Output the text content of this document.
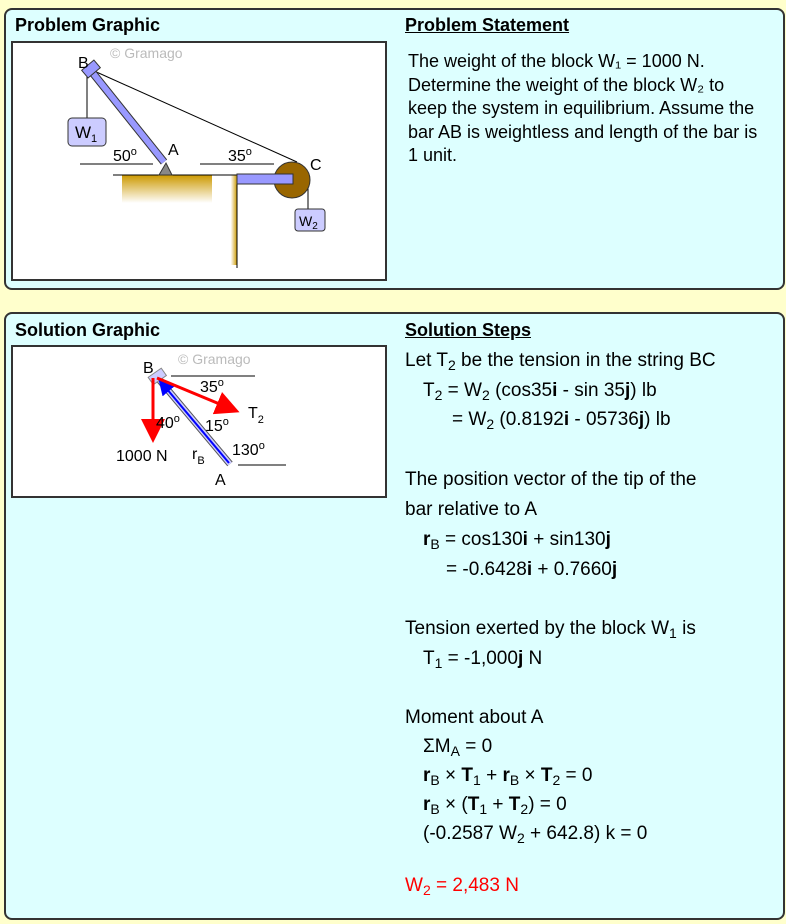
Problem Graphic	Problem Statement
© Gramago
$W_1$
$W_2$
B
A
C
50$^o$	35$^o$
The weight of the block W₁ = 1000 N. Determine the weight of the block W₂ to keep the system in equilibrium. Assume the bar AB is weightless and length of the bar is 1 unit.
Solution Graphic	Solution Steps
© Gramago
B
A
35$^o$
40$^o$ 15$^o$
130$^o$
$T_2$
1000 N $r_B$
Let $T_2$ be the tension in the string BC
$T_2 = W_2$ (cos35i - sin 35j) lb
= $W_2$ (0.8192i - 05736j) lb
The position vector of the tip of the
bar relative to A
$r_B = \cos 130i + \sin 130j$
= -0.6428i + 0.7660j
Tension exerted by the block $W_1$ is
$T_1 = -1,000j$ N
Moment about A
$\Sigma M_A = 0$
$r_B \times T_1 + r_B \times T_2 = 0$
$r_B \times (T_1 + T_2) = 0$
(-0.2587 $W_2 + 642.8$) k = 0
$W_2 = 2,483$ N
